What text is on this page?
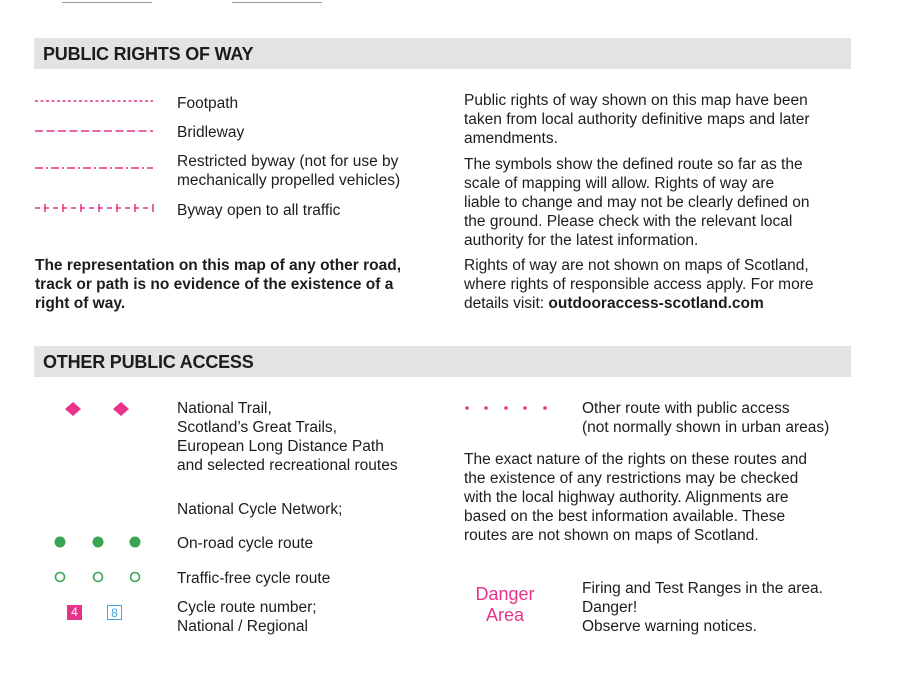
PUBLIC RIGHTS OF WAY
Footpath
Bridleway
Restricted byway (not for use by
mechanically propelled vehicles)
Byway open to all traffic
The representation on this map of any other road,
track or path is no evidence of the existence of a
right of way.
Public rights of way shown on this map have been
taken from local authority definitive maps and later
amendments.
The symbols show the defined route so far as the
scale of mapping will allow. Rights of way are
liable to change and may not be clearly defined on
the ground. Please check with the relevant local
authority for the latest information.
Rights of way are not shown on maps of Scotland,
where rights of responsible access apply. For more
details visit: outdooraccess-scotland.com
OTHER PUBLIC ACCESS
National Trail,
Scotland’s Great Trails,
European Long Distance Path
and selected recreational routes
National Cycle Network;
On-road cycle route
Traffic-free cycle route
4	8	Cycle route number;
National / Regional
Other route with public access
(not normally shown in urban areas)
The exact nature of the rights on these routes and
the existence of any restrictions may be checked
with the local highway authority. Alignments are
based on the best information available. These
routes are not shown on maps of Scotland.
Danger
Area
Firing and Test Ranges in the area.
Danger!
Observe warning notices.
